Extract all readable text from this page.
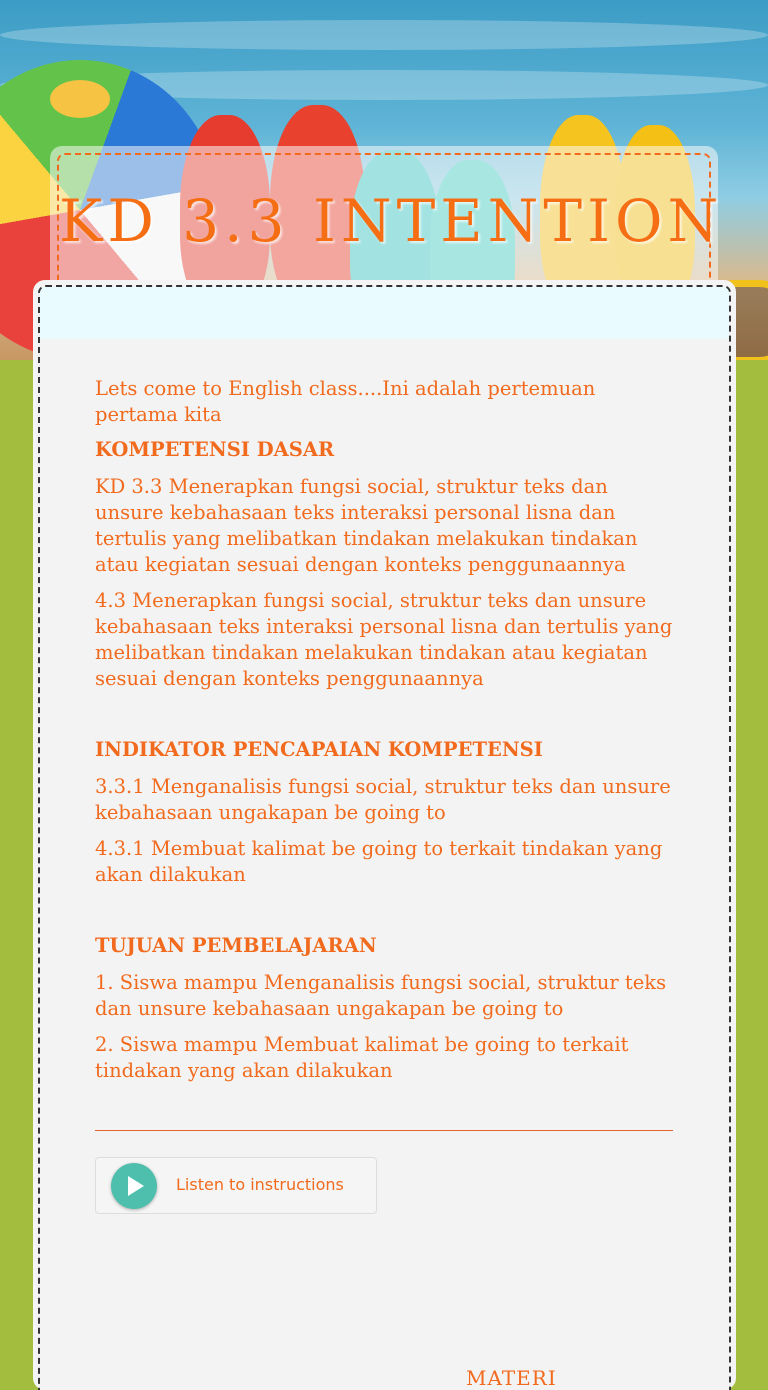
KD 3.3 INTENTION
Lets come to English class....Ini adalah pertemuan pertama kita
KOMPETENSI DASAR
KD 3.3 Menerapkan fungsi social, struktur teks dan unsure kebahasaan teks interaksi personal lisna dan tertulis yang melibatkan tindakan melakukan tindakan atau kegiatan sesuai dengan konteks penggunaannya
4.3 Menerapkan fungsi social, struktur teks dan unsure kebahasaan teks interaksi personal lisna dan tertulis yang melibatkan tindakan melakukan tindakan atau kegiatan sesuai dengan konteks penggunaannya
INDIKATOR PENCAPAIAN KOMPETENSI
3.3.1 Menganalisis fungsi social, struktur teks dan unsure kebahasaan ungakapan be going to
4.3.1 Membuat kalimat be going to terkait tindakan yang akan dilakukan
TUJUAN PEMBELAJARAN
1. Siswa mampu Menganalisis fungsi social, struktur teks dan unsure kebahasaan ungakapan be going to
2. Siswa mampu Membuat kalimat be going to terkait tindakan yang akan dilakukan
Listen to instructions
MATERI
